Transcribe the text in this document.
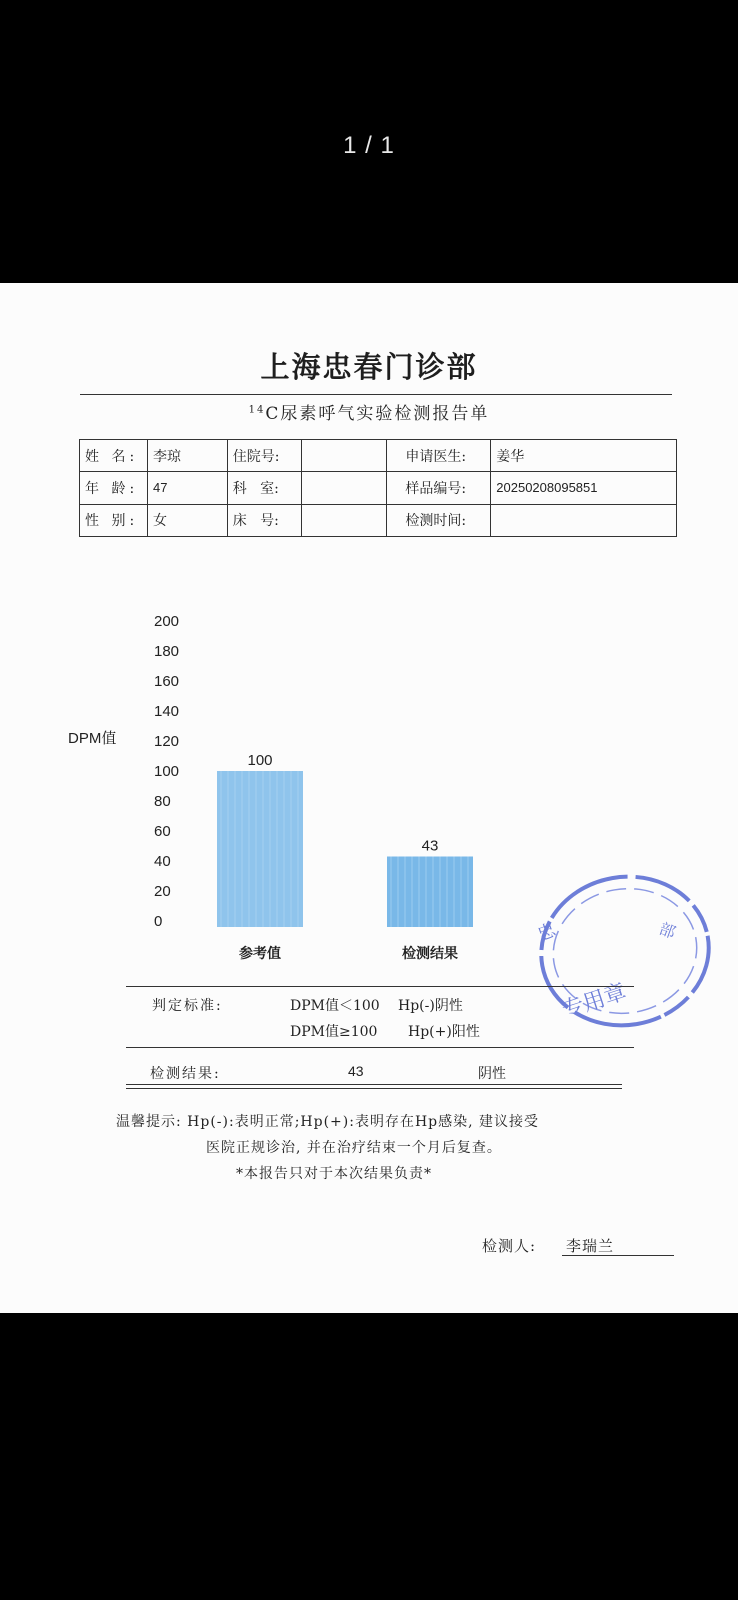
1 / 1
上海忠春门诊部
$^{14}$C尿素呼气实验检测报告单
姓 名:	李琼	住院号:		申请医生:	姜华
年 龄:	47	科   室:		样品编号:	20250208095851
性 别:	女	床   号:		检测时间:	
DPM值
0
20
40
60
80
100
120
140
160
180
200
100
参考值
43
检测结果
忠	部
专用章
判定标准:	DPM值＜100 Hp(-)阴性
DPM值≥100 Hp(+)阳性
检测结果:	43	阴性
温馨提示: Hp(-):表明正常;Hp(+):表明存在Hp感染, 建议接受
医院正规诊治, 并在治疗结束一个月后复查。
*本报告只对于本次结果负责*
检测人: 李瑞兰
